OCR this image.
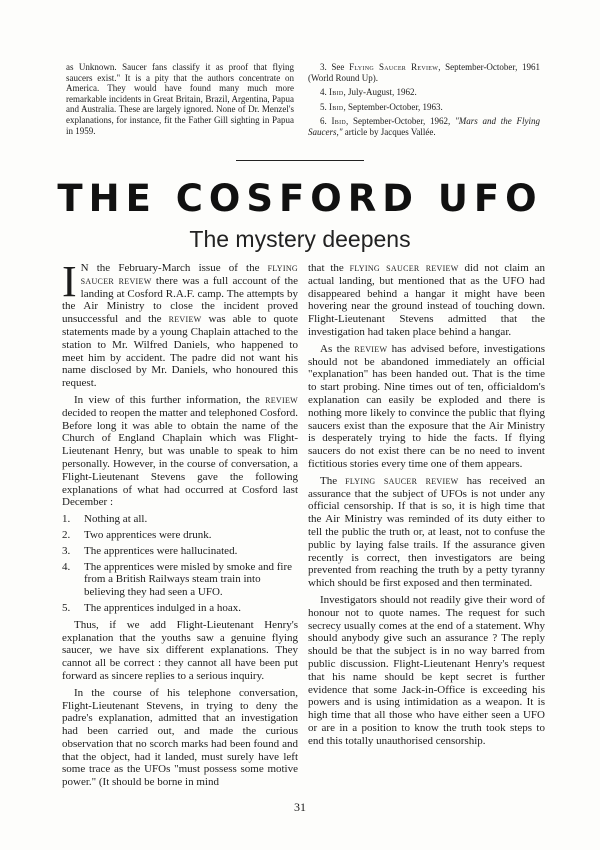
as Unknown. Saucer fans classify it as proof that flying saucers exist." It is a pity that the authors concentrate on America. They would have found many much more remarkable incidents in Great Britain, Brazil, Argentina, Papua and Australia. These are largely ignored. None of Dr. Menzel's explanations, for instance, fit the Father Gill sighting in Papua in 1959.

3. See Flying Saucer Review, September-October, 1961 (World Round Up).

4. Ibid, July-August, 1962.

5. Ibid, September-October, 1963.

6. Ibid, September-October, 1962, "Mars and the Flying Saucers," article by Jacques Vallée.

THE COSFORD UFO
The mystery deepens

I N the February-March issue of the flying saucer review there was a full account of the landing at Cosford R.A.F. camp. The attempts by the Air Ministry to close the incident proved unsuccessful and the review was able to quote statements made by a young Chaplain attached to the station to Mr. Wilfred Daniels, who happened to meet him by accident. The padre did not want his name disclosed by Mr. Daniels, who honoured this request.

In view of this further information, the review decided to reopen the matter and telephoned Cosford. Before long it was able to obtain the name of the Church of England Chaplain which was Flight-Lieutenant Henry, but was unable to speak to him personally. However, in the course of conversation, a Flight-Lieutenant Stevens gave the following explanations of what had occurred at Cosford last December :

1. Nothing at all.
2. Two apprentices were drunk.
3. The apprentices were hallucinated.
4. The apprentices were misled by smoke and fire from a British Railways steam train into believing they had seen a UFO.
5. The apprentices indulged in a hoax.

Thus, if we add Flight-Lieutenant Henry's explanation that the youths saw a genuine flying saucer, we have six different explanations. They cannot all be correct : they cannot all have been put forward as sincere replies to a serious inquiry.

In the course of his telephone conversation, Flight-Lieutenant Stevens, in trying to deny the padre's explanation, admitted that an investigation had been carried out, and made the curious observation that no scorch marks had been found and that the object, had it landed, must surely have left some trace as the UFOs "must possess some motive power." (It should be borne in mind

that the flying saucer review did not claim an actual landing, but mentioned that as the UFO had disappeared behind a hangar it might have been hovering near the ground instead of touching down. Flight-Lieutenant Stevens admitted that the investigation had taken place behind a hangar.

As the review has advised before, investigations should not be abandoned immediately an official "explanation" has been handed out. That is the time to start probing. Nine times out of ten, officialdom's explanation can easily be exploded and there is nothing more likely to convince the public that flying saucers exist than the exposure that the Air Ministry is desperately trying to hide the facts. If flying saucers do not exist there can be no need to invent fictitious stories every time one of them appears.

The flying saucer review has received an assurance that the subject of UFOs is not under any official censorship. If that is so, it is high time that the Air Ministry was reminded of its duty either to tell the public the truth or, at least, not to confuse the public by laying false trails. If the assurance given recently is correct, then investigators are being prevented from reaching the truth by a petty tyranny which should be first exposed and then terminated.

Investigators should not readily give their word of honour not to quote names. The request for such secrecy usually comes at the end of a statement. Why should anybody give such an assurance ? The reply should be that the subject is in no way barred from public discussion. Flight-Lieutenant Henry's request that his name should be kept secret is further evidence that some Jack-in-Office is exceeding his powers and is using intimidation as a weapon. It is high time that all those who have either seen a UFO or are in a position to know the truth took steps to end this totally unauthorised censorship.

31
